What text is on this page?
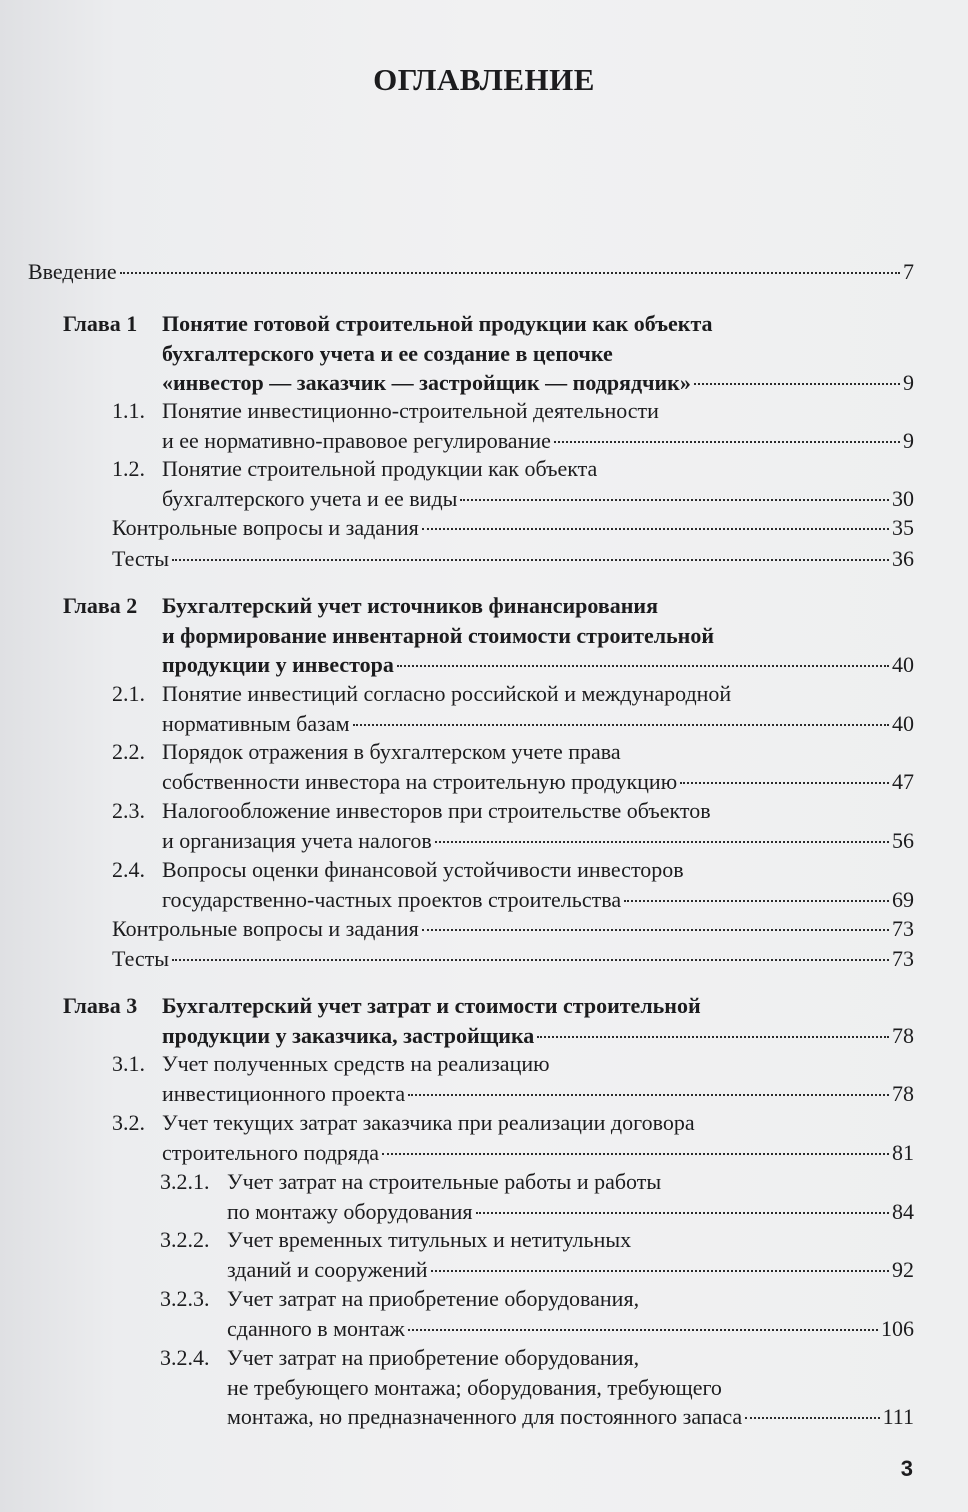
ОГЛАВЛЕНИЕ
Введение	7
Глава 1 Понятие готовой строительной продукции как объекта
бухгалтерского учета и ее создание в цепочке
«инвестор — заказчик — застройщик — подрядчик»	9
1.1. Понятие инвестиционно-строительной деятельности
и ее нормативно-правовое регулирование	9
1.2. Понятие строительной продукции как объекта
бухгалтерского учета и ее виды	30
Контрольные вопросы и задания	35
Тесты	36
Глава 2 Бухгалтерский учет источников финансирования
и формирование инвентарной стоимости строительной
продукции у инвестора	40
2.1. Понятие инвестиций согласно российской и международной
нормативным базам	40
2.2. Порядок отражения в бухгалтерском учете права
собственности инвестора на строительную продукцию	47
2.3. Налогообложение инвесторов при строительстве объектов
и организация учета налогов	56
2.4. Вопросы оценки финансовой устойчивости инвесторов
государственно-частных проектов строительства	69
Контрольные вопросы и задания	73
Тесты	73
Глава 3 Бухгалтерский учет затрат и стоимости строительной
продукции у заказчика, застройщика	78
3.1. Учет полученных средств на реализацию
инвестиционного проекта	78
3.2. Учет текущих затрат заказчика при реализации договора
строительного подряда	81
3.2.1. Учет затрат на строительные работы и работы
по монтажу оборудования	84
3.2.2. Учет временных титульных и нетитульных
зданий и сооружений	92
3.2.3. Учет затрат на приобретение оборудования,
сданного в монтаж	106
3.2.4. Учет затрат на приобретение оборудования,
не требующего монтажа; оборудования, требующего
монтажа, но предназначенного для постоянного запаса	111
3
